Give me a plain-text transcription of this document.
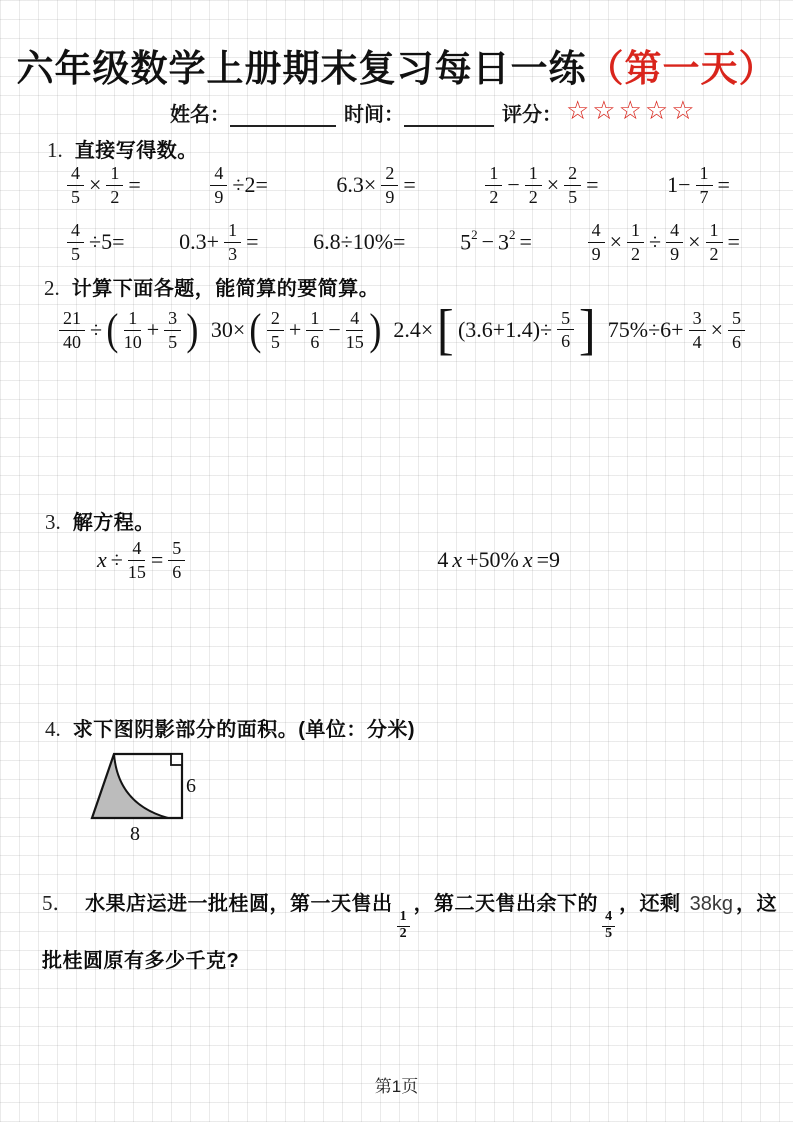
六年级数学上册期末复习每日一练（第一天）
姓名：	时间：	评分： ☆☆☆☆☆
1. 直接写得数。
$\frac{4}{5} \times \frac{1}{2}$ =	$\frac{4}{9} \div 2=$	$6.3\times \frac{2}{9}$ =	$\frac{1}{2} - \frac{1}{2} \times \frac{2}{5}$ =	$1- \frac{1}{7}$ =
$\frac{4}{5} \div 5= 0.3+ \frac{1}{3} = 6.8\div 10\%= 5^2 - 3^2$ =	$\frac{4}{9} \times \frac{1}{2} \div \frac{4}{9} \times \frac{1}{2}$ =
2. 计算下面各题，能简算的要简算。
$\frac{21}{40}$ ÷ ( $\frac{1}{10} + \frac{3}{5}$ ) 30× ( $\frac{2}{5} + \frac{1}{6} - \frac{4}{15}$ ) 2.4× [ $(3.6+1.4)\div \frac{5}{6}$ ] $75\%\div 6+ \frac{3}{4} \times \frac{5}{6}$
3. 解方程。
$x \div \frac{4}{15} = \frac{5}{6}$	4 x +50% x =9
4. 求下图阴影部分的面积。(单位：分米)
6
8
5． 水果店运进一批桂圆，第一天售出
$\frac{1}{2}$
，第二天售出余下的
$\frac{4}{5}$
，还剩 38kg ，这批桂圆原有多少千克?
第1页
